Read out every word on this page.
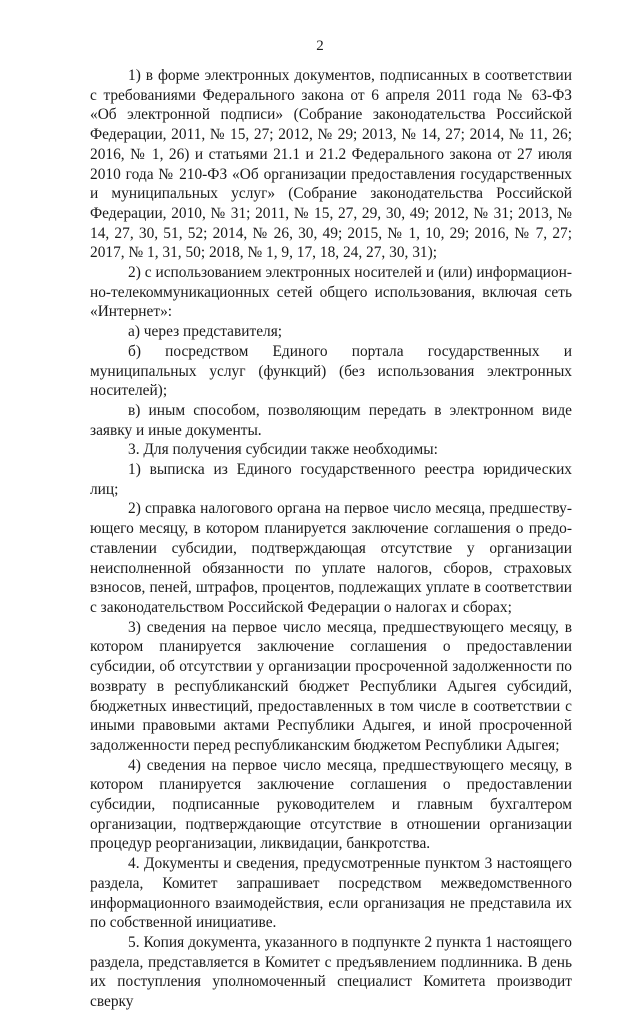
2

1) в форме электронных документов, подписанных в соответствии с требованиями Федерального закона от 6 апреля 2011 года № 63-ФЗ «Об электронной подписи» (Собрание законодательства Российской Федерации, 2011, № 15, 27; 2012, № 29; 2013, № 14, 27; 2014, № 11, 26; 2016, № 1, 26) и статьями 21.1 и 21.2 Федерального закона от 27 июля 2010 года № 210-ФЗ «Об организации предоставления государственных и муниципальных услуг» (Собрание законодательства Российской Федерации, 2010, № 31; 2011, № 15, 27, 29, 30, 49; 2012, № 31; 2013, № 14, 27, 30, 51, 52; 2014, № 26, 30, 49; 2015, № 1, 10, 29; 2016, № 7, 27; 2017, № 1, 31, 50; 2018, № 1, 9, 17, 18, 24, 27, 30, 31);

2) с использованием электронных носителей и (или) информационно-телекоммуникационных сетей общего использования, включая сеть «Интернет»:

а) через представителя;

б) посредством Единого портала государственных и муниципальных услуг (функций) (без использования электронных носителей);

в) иным способом, позволяющим передать в электронном виде заявку и иные документы.

3. Для получения субсидии также необходимы:

1) выписка из Единого государственного реестра юридических лиц;

2) справка налогового органа на первое число месяца, предшествующего месяцу, в котором планируется заключение соглашения о предоставлении субсидии, подтверждающая отсутствие у организации неисполненной обязанности по уплате налогов, сборов, страховых взносов, пеней, штрафов, процентов, подлежащих уплате в соответствии с законодательством Российской Федерации о налогах и сборах;

3) сведения на первое число месяца, предшествующего месяцу, в котором планируется заключение соглашения о предоставлении субсидии, об отсутствии у организации просроченной задолженности по возврату в республиканский бюджет Республики Адыгея субсидий, бюджетных инвестиций, предоставленных в том числе в соответствии с иными правовыми актами Республики Адыгея, и иной просроченной задолженности перед республиканским бюджетом Республики Адыгея;

4) сведения на первое число месяца, предшествующего месяцу, в котором планируется заключение соглашения о предоставлении субсидии, подписанные руководителем и главным бухгалтером организации, подтверждающие отсутствие в отношении организации процедур реорганизации, ликвидации, банкротства.

4. Документы и сведения, предусмотренные пунктом 3 настоящего раздела, Комитет запрашивает посредством межведомственного информационного взаимодействия, если организация не представила их по собственной инициативе.

5. Копия документа, указанного в подпункте 2 пункта 1 настоящего раздела, представляется в Комитет с предъявлением подлинника. В день их поступления уполномоченный специалист Комитета производит сверку
